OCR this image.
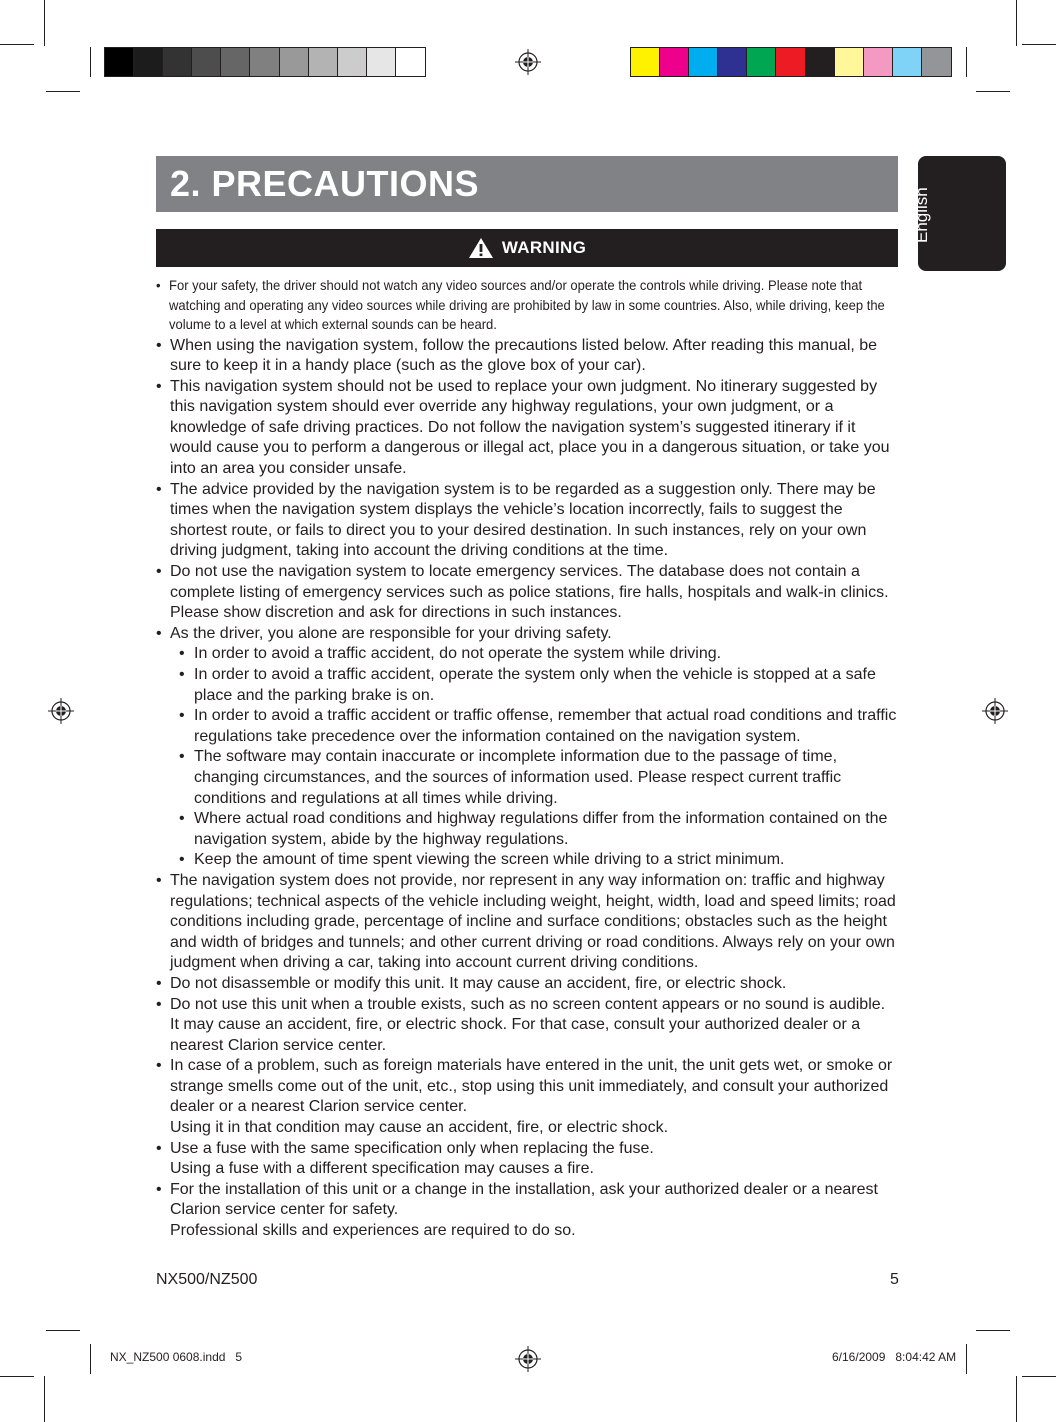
English
2. PRECAUTIONS
WARNING

• For your safety, the driver should not watch any video sources and/or operate the controls while driving. Please note that watching and operating any video sources while driving are prohibited by law in some countries. Also, while driving, keep the volume to a level at which external sounds can be heard.

• When using the navigation system, follow the precautions listed below. After reading this manual, be sure to keep it in a handy place (such as the glove box of your car).

• This navigation system should not be used to replace your own judgment. No itinerary suggested by this navigation system should ever override any highway regulations, your own judgment, or a knowledge of safe driving practices. Do not follow the navigation system’s suggested itinerary if it would cause you to perform a dangerous or illegal act, place you in a dangerous situation, or take you into an area you consider unsafe.

• The advice provided by the navigation system is to be regarded as a suggestion only. There may be times when the navigation system displays the vehicle’s location incorrectly, fails to suggest the shortest route, or fails to direct you to your desired destination. In such instances, rely on your own driving judgment, taking into account the driving conditions at the time.

• Do not use the navigation system to locate emergency services. The database does not contain a complete listing of emergency services such as police stations, fire halls, hospitals and walk-in clinics. Please show discretion and ask for directions in such instances.

• As the driver, you alone are responsible for your driving safety.

• In order to avoid a traffic accident, do not operate the system while driving.

• In order to avoid a traffic accident, operate the system only when the vehicle is stopped at a safe place and the parking brake is on.

• In order to avoid a traffic accident or traffic offense, remember that actual road conditions and traffic regulations take precedence over the information contained on the navigation system.

• The software may contain inaccurate or incomplete information due to the passage of time, changing circumstances, and the sources of information used. Please respect current traffic conditions and regulations at all times while driving.

• Where actual road conditions and highway regulations differ from the information contained on the navigation system, abide by the highway regulations.

• Keep the amount of time spent viewing the screen while driving to a strict minimum.

• The navigation system does not provide, nor represent in any way information on: traffic and highway regulations; technical aspects of the vehicle including weight, height, width, load and speed limits; road conditions including grade, percentage of incline and surface conditions; obstacles such as the height and width of bridges and tunnels; and other current driving or road conditions. Always rely on your own judgment when driving a car, taking into account current driving conditions.

• Do not disassemble or modify this unit. It may cause an accident, fire, or electric shock.

• Do not use this unit when a trouble exists, such as no screen content appears or no sound is audible. It may cause an accident, fire, or electric shock. For that case, consult your authorized dealer or a nearest Clarion service center.

• In case of a problem, such as foreign materials have entered in the unit, the unit gets wet, or smoke or strange smells come out of the unit, etc., stop using this unit immediately, and consult your authorized dealer or a nearest Clarion service center.

Using it in that condition may cause an accident, fire, or electric shock.

• Use a fuse with the same specification only when replacing the fuse.

Using a fuse with a different specification may causes a fire.

• For the installation of this unit or a change in the installation, ask your authorized dealer or a nearest Clarion service center for safety.

Professional skills and experiences are required to do so.

NX500/NZ500	5
NX_NZ500 0608.indd   5	6/16/2009   8:04:42 AM
